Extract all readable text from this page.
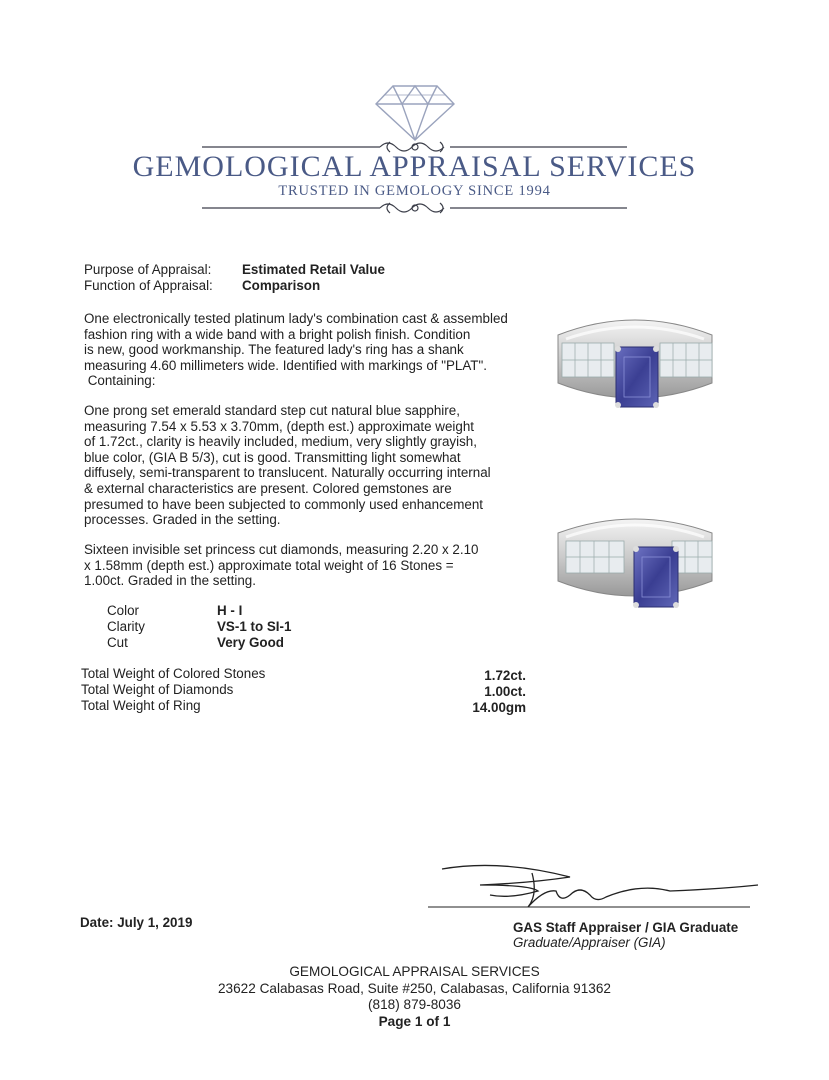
GEMOLOGICAL APPRAISAL SERVICES
TRUSTED IN GEMOLOGY SINCE 1994
Purpose of Appraisal: Estimated Retail Value
Function of Appraisal: Comparison
One electronically tested platinum lady's combination cast & assembled
fashion ring with a wide band with a bright polish finish. Condition
is new, good workmanship. The featured lady's ring has a shank
measuring 4.60 millimeters wide. Identified with markings of "PLAT".
Containing:
One prong set emerald standard step cut natural blue sapphire,
measuring 7.54 x 5.53 x 3.70mm, (depth est.) approximate weight
of 1.72ct., clarity is heavily included, medium, very slightly grayish,
blue color, (GIA B 5/3), cut is good. Transmitting light somewhat
diffusely, semi-transparent to translucent. Naturally occurring internal
& external characteristics are present. Colored gemstones are
presumed to have been subjected to commonly used enhancement
processes. Graded in the setting.
Sixteen invisible set princess cut diamonds, measuring 2.20 x 2.10
x 1.58mm (depth est.) approximate total weight of 16 Stones =
1.00ct. Graded in the setting.
Color	H - I
Clarity	VS-1 to SI-1
Cut	Very Good
Total Weight of Colored Stones	1.72ct.
Total Weight of Diamonds	1.00ct.
Total Weight of Ring	14.00gm
Date: July 1, 2019	GAS Staff Appraiser / GIA Graduate
Graduate/Appraiser (GIA)
GEMOLOGICAL APPRAISAL SERVICES
23622 Calabasas Road, Suite #250, Calabasas, California 91362
(818) 879-8036
Page 1 of 1
